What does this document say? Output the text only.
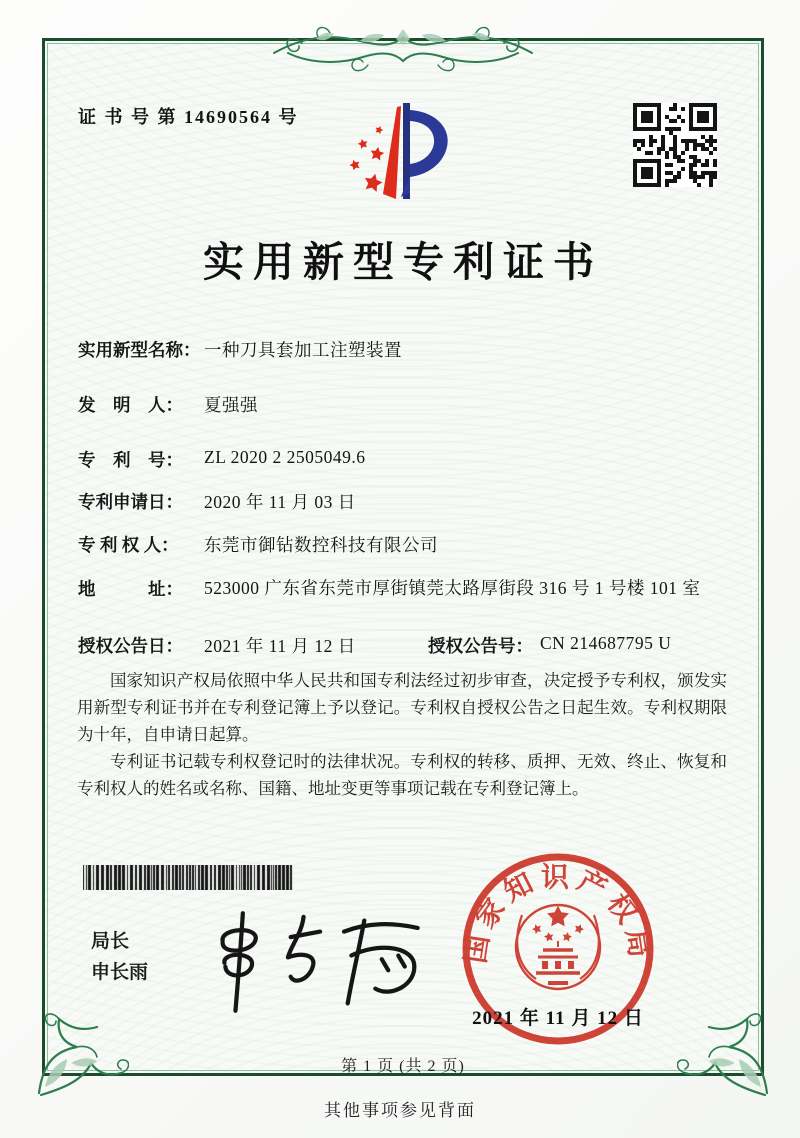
证 书 号 第 14690564 号
实用新型专利证书
实用新型名称： 一种刀具套加工注塑装置
发　明　人：	夏强强
专　利　号：	ZL 2020 2 2505049.6
专利申请日：	2020 年 11 月 03 日
专 利 权 人：	东莞市御钻数控科技有限公司
地　　　址：	523000 广东省东莞市厚街镇莞太路厚街段 316 号 1 号楼 101 室
授权公告日：	2021 年 11 月 12 日	授权公告号： CN 214687795 U

国家知识产权局依照中华人民共和国专利法经过初步审查，决定授予专利权，颁发实用新型专利证书并在专利登记簿上予以登记。专利权自授权公告之日起生效。专利权期限为十年，自申请日起算。

专利证书记载专利权登记时的法律状况。专利权的转移、质押、无效、终止、恢复和专利权人的姓名或名称、国籍、地址变更等事项记载在专利登记簿上。

局长
申长雨
国家知识产权局
2021 年 11 月 12 日
第 1 页 (共 2 页)
其他事项参见背面
